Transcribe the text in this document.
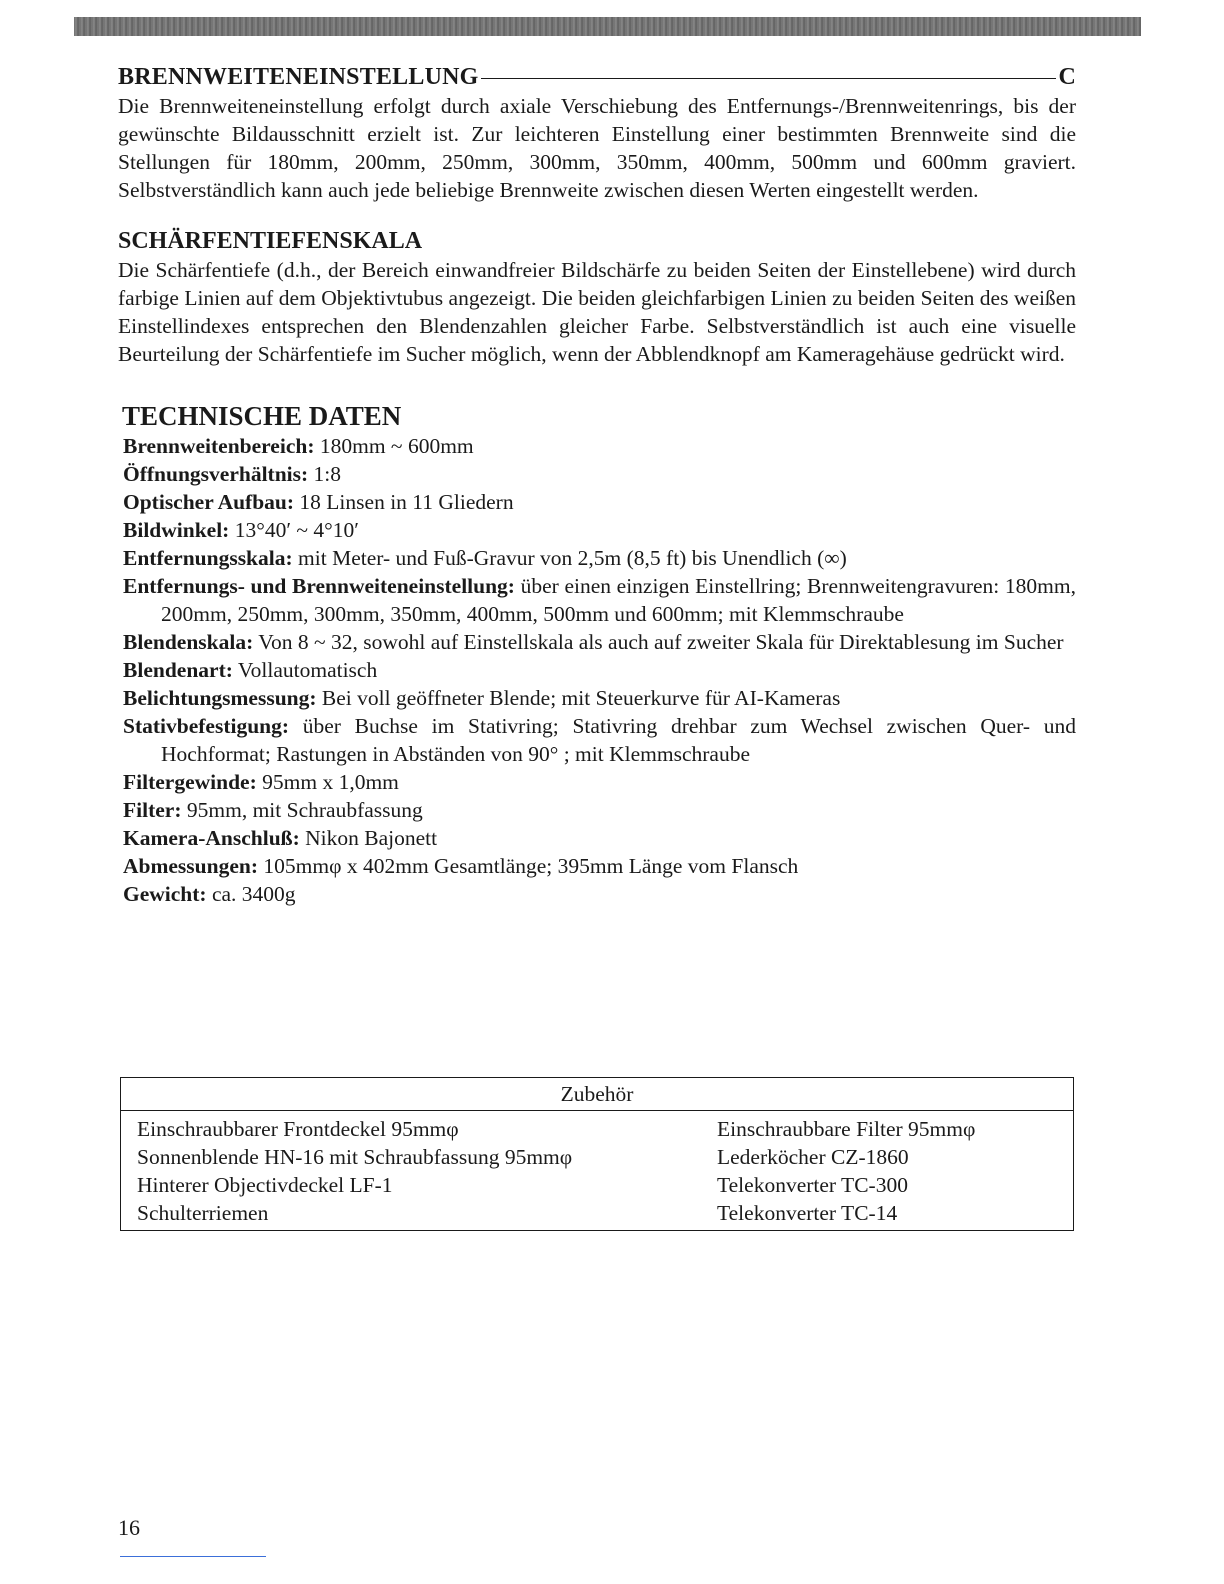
BRENNWEITENEINSTELLUNG	C

Die Brennweiteneinstellung erfolgt durch axiale Verschiebung des Entfernungs-/Brennweitenrings, bis der gewünschte Bildausschnitt erzielt ist. Zur leichteren Einstellung einer bestimmten Brennweite sind die Stellungen für 180mm, 200mm, 250mm, 300mm, 350mm, 400mm, 500mm und 600mm graviert. Selbstverständlich kann auch jede beliebige Brennweite zwischen diesen Werten eingestellt werden.

SCHÄRFENTIEFENSKALA

Die Schärfentiefe (d.h., der Bereich einwandfreier Bildschärfe zu beiden Seiten der Einstellebene) wird durch farbige Linien auf dem Objektivtubus angezeigt. Die beiden gleichfarbigen Linien zu beiden Seiten des weißen Einstellindexes entsprechen den Blendenzahlen gleicher Farbe. Selbstverständlich ist auch eine visuelle Beurteilung der Schärfentiefe im Sucher möglich, wenn der Abblendknopf am Kameragehäuse gedrückt wird.

TECHNISCHE DATEN
Brennweitenbereich: 180mm ~ 600mm
Öffnungsverhältnis: 1:8
Optischer Aufbau: 18 Linsen in 11 Gliedern
Bildwinkel: 13°40′ ~ 4°10′
Entfernungsskala: mit Meter- und Fuß-Gravur von 2,5m (8,5 ft) bis Unendlich (∞)
Entfernungs- und Brennweiteneinstellung: über einen einzigen Einstellring; Brennweitengravuren: 180mm, 200mm, 250mm, 300mm, 350mm, 400mm, 500mm und 600mm; mit Klemmschraube
Blendenskala: Von 8 ~ 32, sowohl auf Einstellskala als auch auf zweiter Skala für Direktablesung im Sucher
Blendenart: Vollautomatisch
Belichtungsmessung: Bei voll geöffneter Blende; mit Steuerkurve für AI-Kameras
Stativbefestigung: über Buchse im Stativring; Stativring drehbar zum Wechsel zwischen Quer- und Hochformat; Rastungen in Abständen von 90° ; mit Klemmschraube
Filtergewinde: 95mm x 1,0mm
Filter: 95mm, mit Schraubfassung
Kamera-Anschluß: Nikon Bajonett
Abmessungen: 105mmφ x 402mm Gesamtlänge; 395mm Länge vom Flansch
Gewicht: ca. 3400g
Zubehör
Einschraubbarer Frontdeckel 95mmφ
Sonnenblende HN-16 mit Schraubfassung 95mmφ
Hinterer Objectivdeckel LF-1
Schulterriemen
Einschraubbare Filter 95mmφ
Lederköcher CZ-1860
Telekonverter TC-300
Telekonverter TC-14
16
